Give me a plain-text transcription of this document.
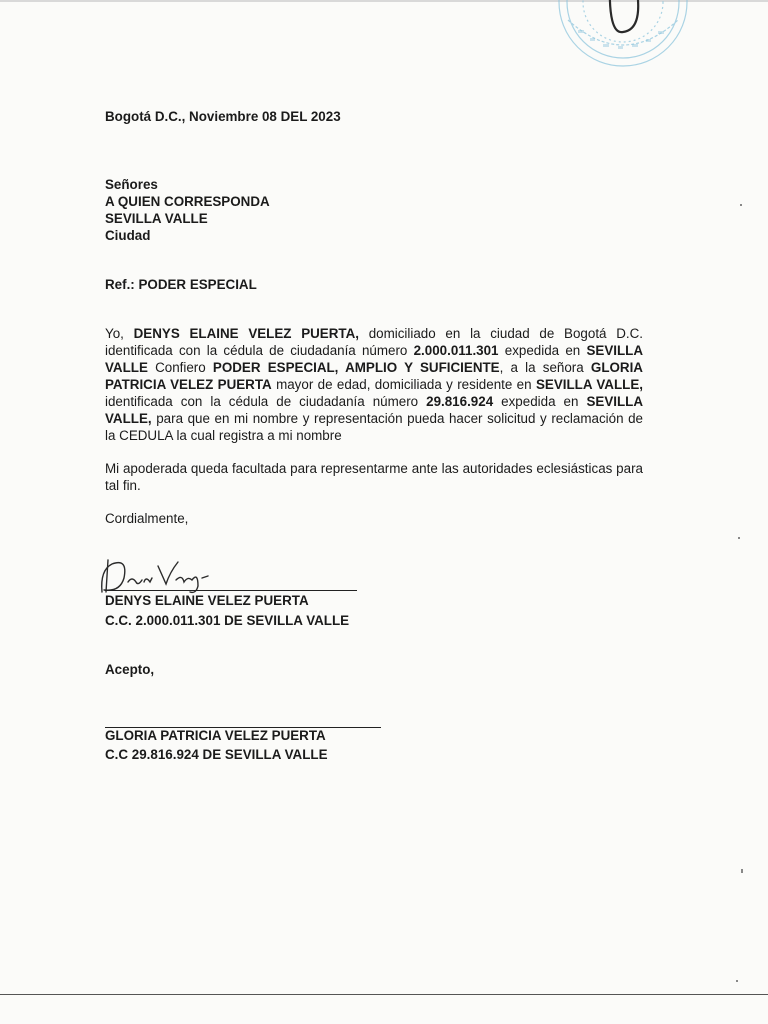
Bogotá D.C., Noviembre 08 DEL 2023
Señores
A QUIEN CORRESPONDA
SEVILLA VALLE
Ciudad
Ref.: PODER ESPECIAL
Yo, DENYS ELAINE VELEZ PUERTA, domiciliado en la ciudad de Bogotá D.C. identificada con la cédula de ciudadanía número 2.000.011.301 expedida en SEVILLA VALLE Confiero PODER ESPECIAL, AMPLIO Y SUFICIENTE, a la señora GLORIA PATRICIA VELEZ PUERTA mayor de edad, domiciliada y residente en SEVILLA VALLE, identificada con la cédula de ciudadanía número 29.816.924 expedida en SEVILLA VALLE, para que en mi nombre y representación pueda hacer solicitud y reclamación de la CEDULA la cual registra a mi nombre
Mi apoderada queda facultada para representarme ante las autoridades eclesiásticas para tal fin.
Cordialmente,
DENYS ELAINE VELEZ PUERTA
C.C. 2.000.011.301 DE SEVILLA VALLE
Acepto,
GLORIA PATRICIA VELEZ PUERTA
C.C 29.816.924 DE SEVILLA VALLE
